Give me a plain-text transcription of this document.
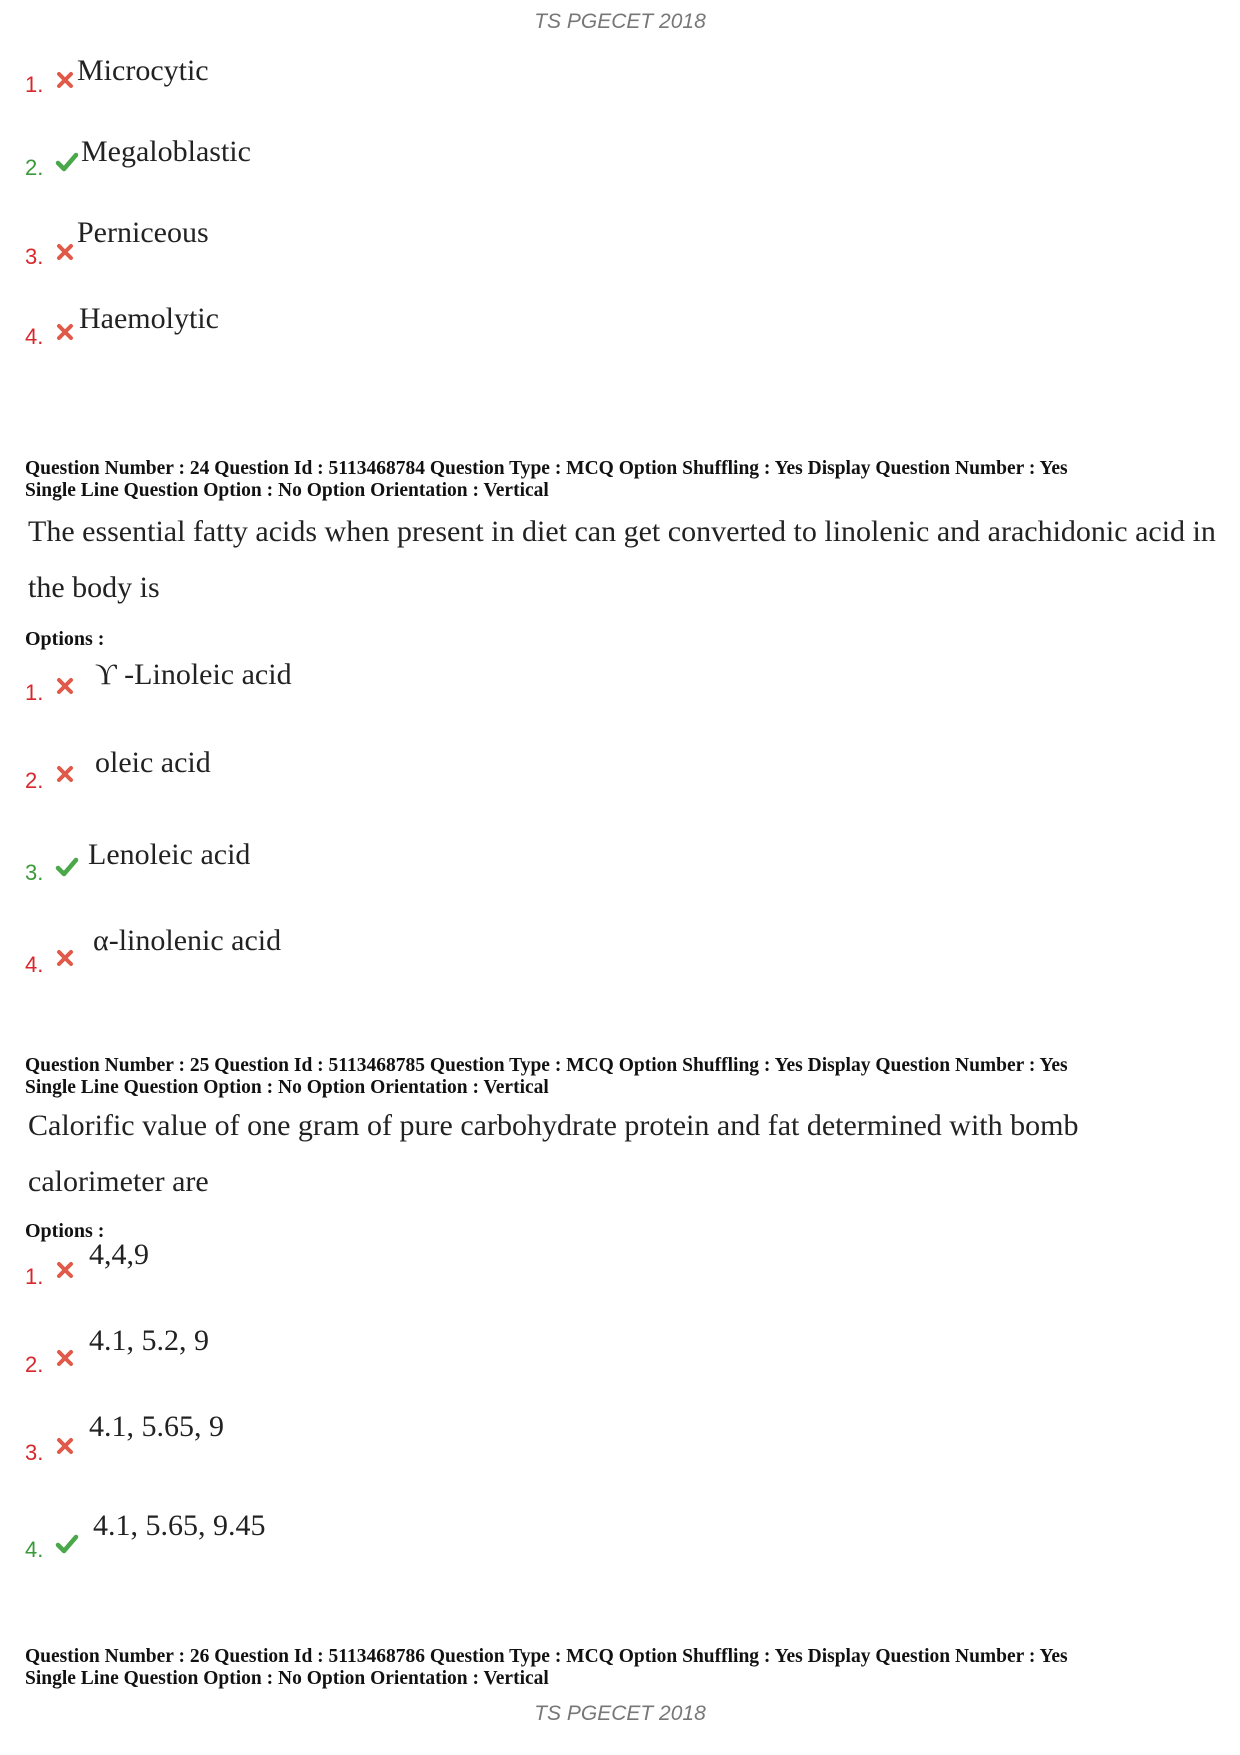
TS PGECET 2018
1. Microcytic
2. Megaloblastic
3.
Perniceous
4.
Haemolytic
Question Number : 24 Question Id : 5113468784 Question Type : MCQ Option Shuffling : Yes Display Question Number : Yes
Single Line Question Option : No Option Orientation : Vertical
The essential fatty acids when present in diet can get converted to linolenic and arachidonic acid in the body is
Options :
1.
ϒ -Linoleic acid
2.
oleic acid
3.
Lenoleic acid
4.
α-linolenic acid
Question Number : 25 Question Id : 5113468785 Question Type : MCQ Option Shuffling : Yes Display Question Number : Yes
Single Line Question Option : No Option Orientation : Vertical
Calorific value of one gram of pure carbohydrate protein and fat determined with bomb calorimeter are
Options :
1.
4,4,9
2.
4.1, 5.2, 9
3.
4.1, 5.65, 9
4.
4.1, 5.65, 9.45
Question Number : 26 Question Id : 5113468786 Question Type : MCQ Option Shuffling : Yes Display Question Number : Yes
Single Line Question Option : No Option Orientation : Vertical
TS PGECET 2018
